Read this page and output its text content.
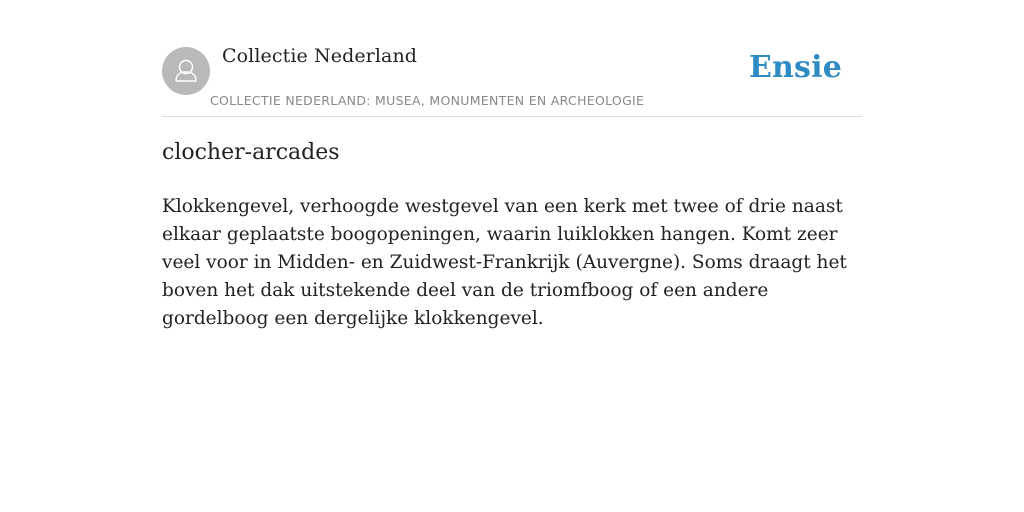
Collectie Nederland
COLLECTIE NEDERLAND: MUSEA, MONUMENTEN EN ARCHEOLOGIE
Ensie
clocher-arcades

Klokkengevel, verhoogde westgevel van een kerk met twee of drie naast elkaar geplaatste boogopeningen, waarin luiklokken hangen. Komt zeer veel voor in Midden- en Zuidwest-Frankrijk (Auvergne). Soms draagt het boven het dak uitstekende deel van de triomfboog of een andere gordelboog een dergelijke klokkengevel.
